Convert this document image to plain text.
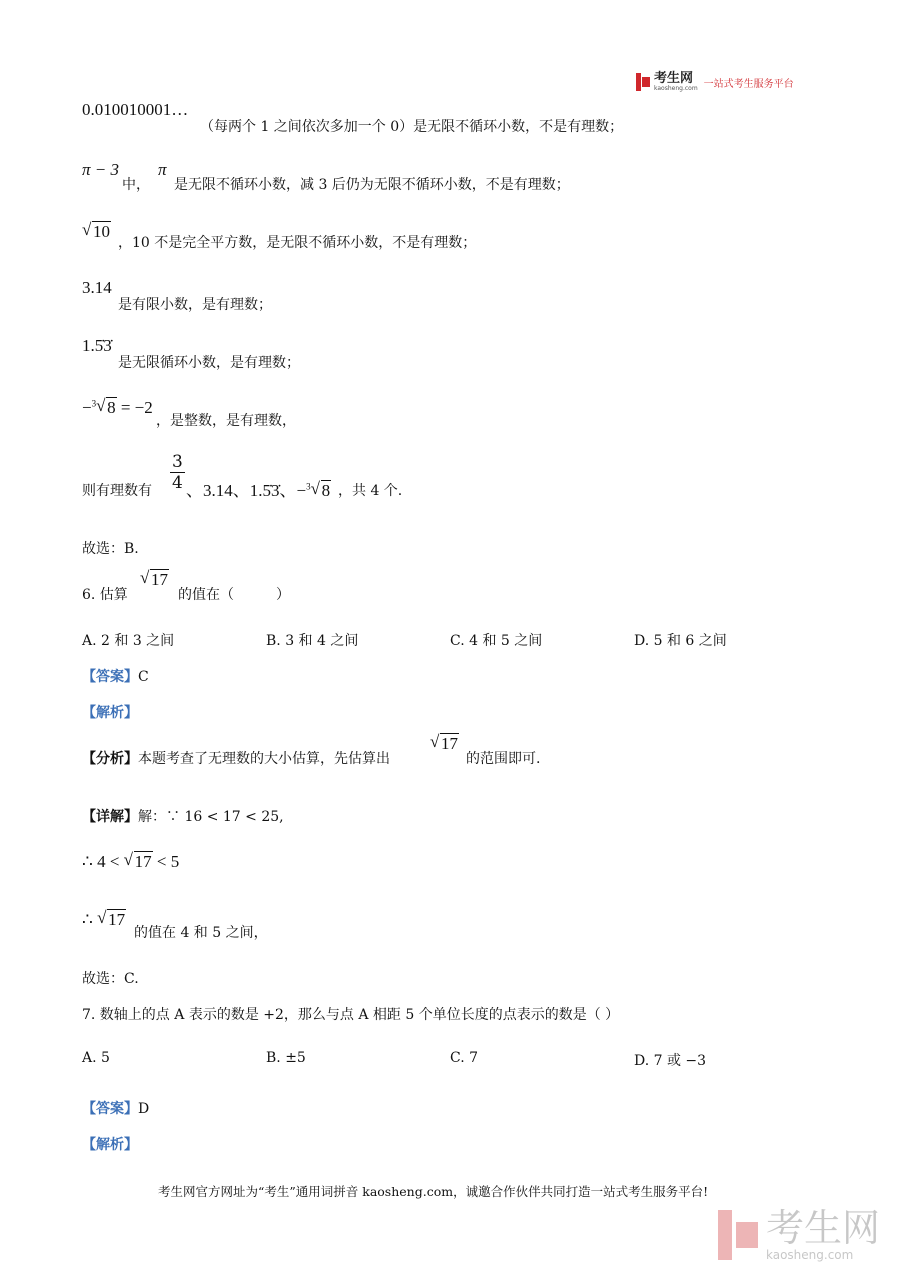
考生网
kaosheng.com 一站式考生服务平台
0.010010001…
（每两个 1 之间依次多加一个 0）是无限不循环小数，不是有理数；
π − 3
中，
π
是无限不循环小数，减 3 后仍为无限不循环小数，不是有理数；
√ 10
，10 不是完全平方数，是无限不循环小数，不是有理数；
3.14
是有限小数，是有理数；
1.5̇3̇
是无限循环小数，是有理数；
−$^3$ √ 8 = −2
，是整数，是有理数，
则有理数有 $\frac{3}{4}$ 、3.14、1.5̇3̇、−$^3$ √ 8 ，共 4 个.
故选：B.
6. 估算
√ 17
的值在（　　　）
A. 2 和 3 之间	B. 3 和 4 之间	C. 4 和 5 之间	D. 5 和 6 之间
【答案】C
【解析】
【分析】本题考查了无理数的大小估算，先估算出
√ 17
的范围即可.
【详解】解：∵ 16 < 17 < 25,
∴ 4 < √ 17 < 5
∴ √ 17
的值在 4 和 5 之间，
故选：C.
7. 数轴上的点 A 表示的数是 +2，那么与点 A 相距 5 个单位长度的点表示的数是（ ）
A. 5	B. ±5	C. 7	D. 7 或 −3
【答案】D
【解析】
考生网官方网址为“考生”通用词拼音 kaosheng.com，诚邀合作伙伴共同打造一站式考生服务平台!
考生网
kaosheng.com
